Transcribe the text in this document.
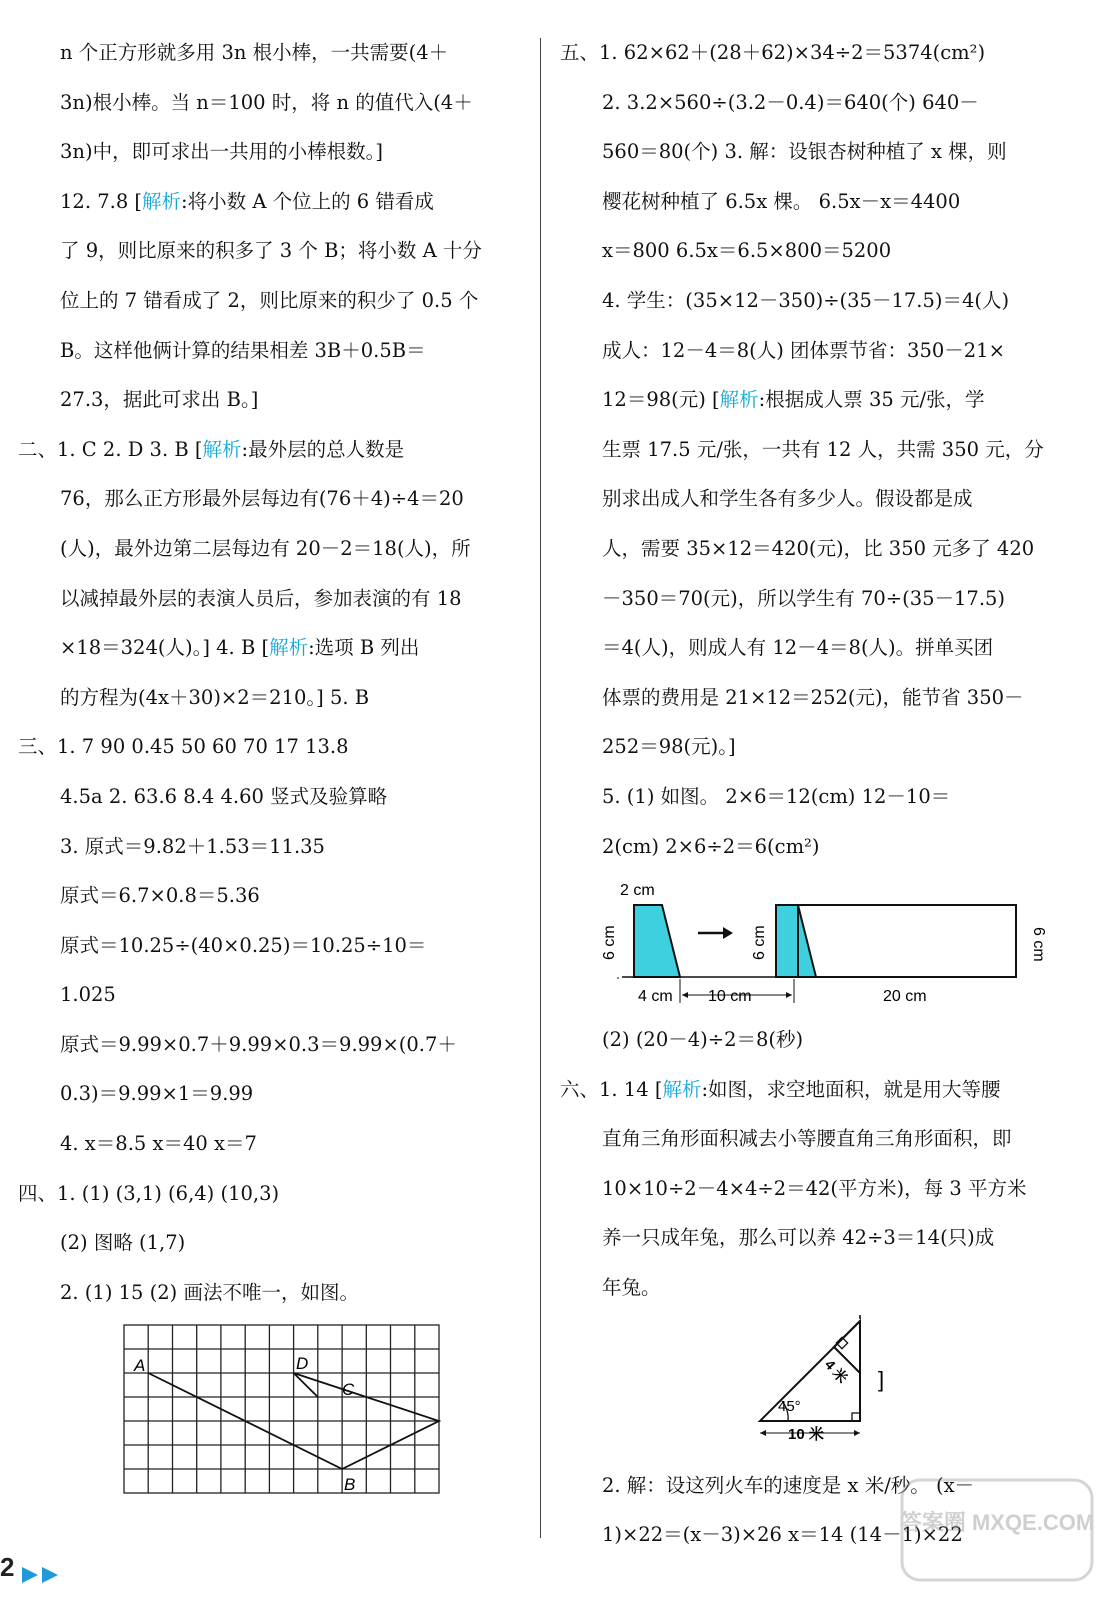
n 个正方形就多用 3n 根小棒，一共需要(4＋
3n)根小棒。当 n＝100 时，将 n 的值代入(4＋
3n)中，即可求出一共用的小棒根数。]
12. 7.8 [解析:将小数 A 个位上的 6 错看成
了 9，则比原来的积多了 3 个 B；将小数 A 十分
位上的 7 错看成了 2，则比原来的积少了 0.5 个
B。这样他俩计算的结果相差 3B＋0.5B＝
27.3，据此可求出 B。]
二、1. C 2. D 3. B [解析:最外层的总人数是
76，那么正方形最外层每边有(76＋4)÷4＝20
(人)，最外边第二层每边有 20－2＝18(人)，所
以减掉最外层的表演人员后，参加表演的有 18
×18＝324(人)。] 4. B [解析:选项 B 列出
的方程为(4x＋30)×2＝210。] 5. B
三、1. 7 90 0.45 50 60 70 17 13.8
4.5a 2. 63.6 8.4 4.60 竖式及验算略
3. 原式＝9.82＋1.53＝11.35
原式＝6.7×0.8＝5.36
原式＝10.25÷(40×0.25)＝10.25÷10＝
1.025
原式＝9.99×0.7＋9.99×0.3＝9.99×(0.7＋
0.3)＝9.99×1＝9.99
4. x＝8.5 x＝40 x＝7
四、1. (1) (3,1) (6,4) (10,3)
(2) 图略 (1,7)
2. (1) 15 (2) 画法不唯一，如图。
A	D
C
B
五、1. 62×62＋(28＋62)×34÷2＝5374(cm²)
2. 3.2×560÷(3.2－0.4)＝640(个) 640－
560＝80(个) 3. 解：设银杏树种植了 x 棵，则
樱花树种植了 6.5x 棵。 6.5x－x＝4400
x＝800 6.5x＝6.5×800＝5200
4. 学生：(35×12－350)÷(35－17.5)＝4(人)
成人：12－4＝8(人) 团体票节省：350－21×
12＝98(元) [解析:根据成人票 35 元/张，学
生票 17.5 元/张，一共有 12 人，共需 350 元，分
别求出成人和学生各有多少人。假设都是成
人，需要 35×12＝420(元)，比 350 元多了 420
－350＝70(元)，所以学生有 70÷(35－17.5)
＝4(人)，则成人有 12－4＝8(人)。拼单买团
体票的费用是 21×12＝252(元)，能节省 350－
252＝98(元)。]
5. (1) 如图。 2×6＝12(cm) 12－10＝
2(cm) 2×6÷2＝6(cm²)
2 cm
6 cm	6 cm	6 cm
4 cm 10 cm	20 cm
(2) (20－4)÷2＝8(秒)
六、1. 14 [解析:如图，求空地面积，就是用大等腰
直角三角形面积减去小等腰直角三角形面积，即
10×10÷2－4×4÷2＝42(平方米)，每 3 平方米
养一只成年兔，那么可以养 42÷3＝14(只)成
年兔。
45°
4 米
10 米
]
2. 解：设这列火车的速度是 x 米/秒。 (x－
1)×22＝(x－3)×26 x＝14 (14－1)×22
2
答案圈 MXQE.COM
